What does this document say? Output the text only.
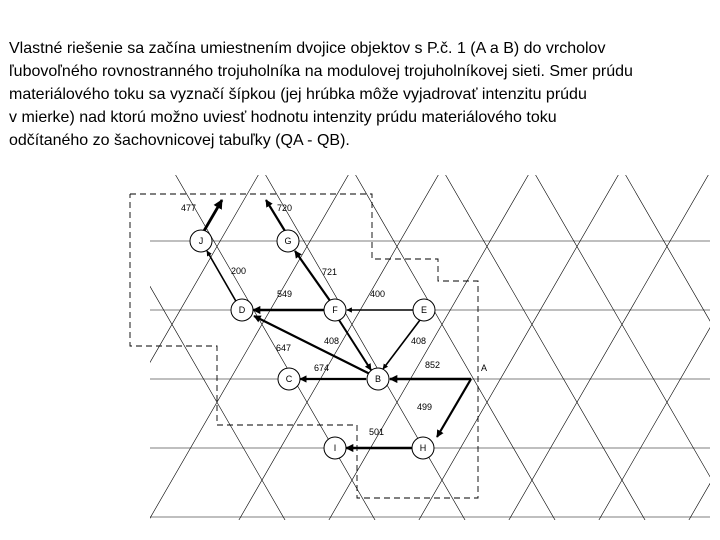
Vlastné riešenie sa začína umiestnením dvojice objektov s P.č. 1 (A a B) do vrcholov
ľubovoľného rovnostranného trojuholníka na modulovej trojuholníkovej sieti. Smer prúdu
materiálového toku sa vyznačí šípkou (jej hrúbka môže vyjadrovať intenzitu prúdu
v mierke) nad ktorú možno uviesť hodnotu intenzity prúdu materiálového toku
odčítaného zo šachovnicovej tabuľky (QA - QB).
477	720
200	721
549	400
647
408
408
674	852
499
501
J	G
D	F	E
C	B
I	H
A
